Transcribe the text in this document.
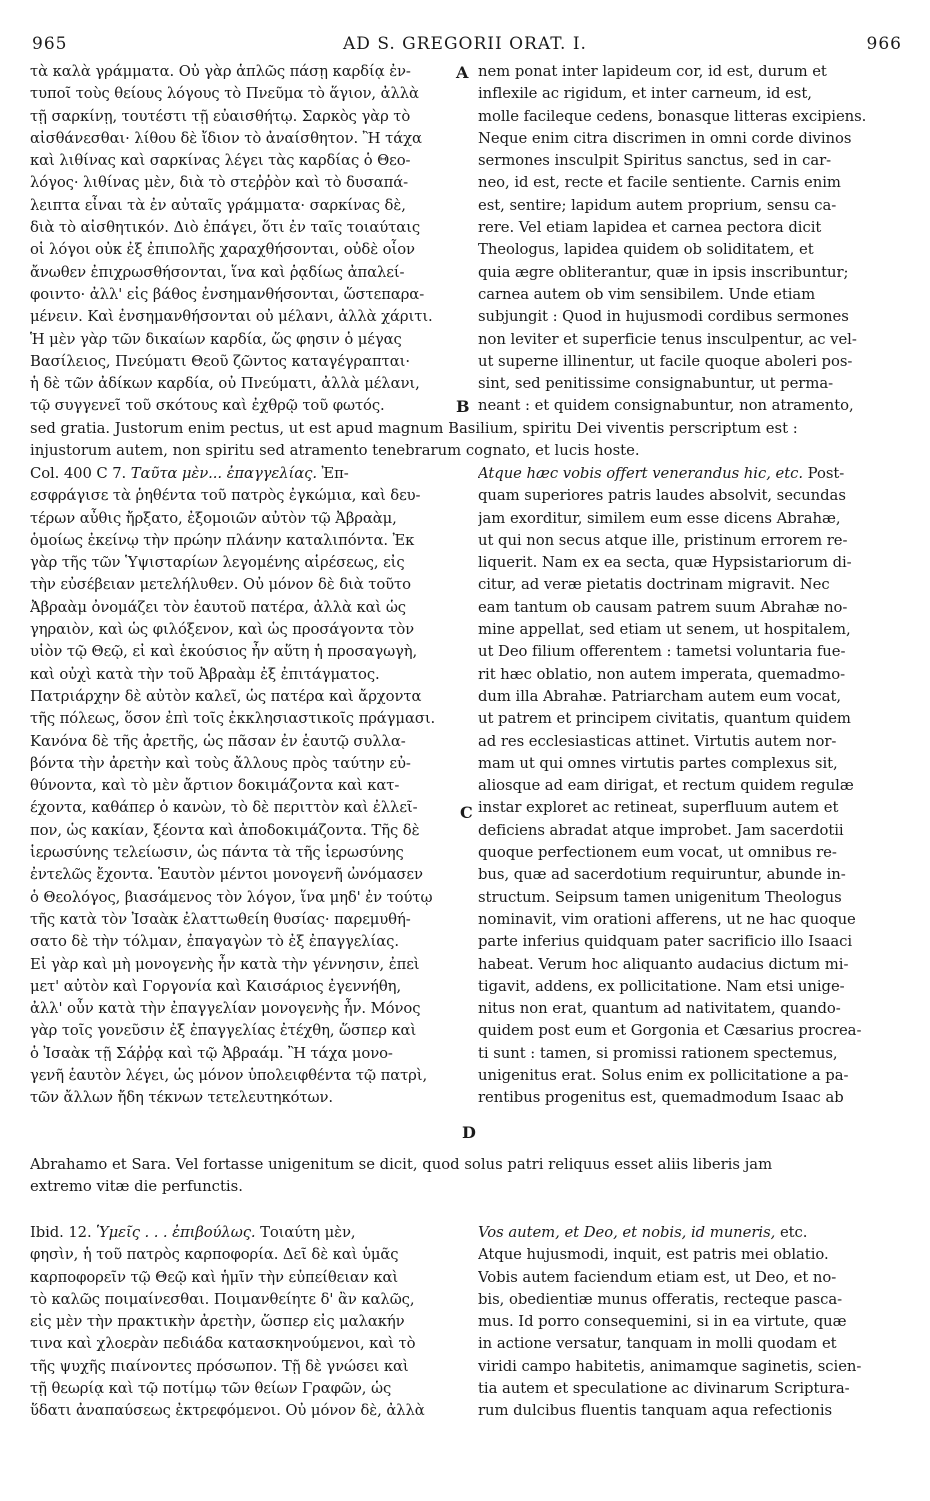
965	AD S. GREGORII ORAT. I.	966
τὰ καλὰ γράμματα. Οὐ γὰρ ἁπλῶς πάσῃ καρδίᾳ ἐν-
τυποῖ τοὺς θείους λόγους τὸ Πνεῦμα τὸ ἅγιον, ἀλλὰ
τῇ σαρκίνῃ, τουτέστι τῇ εὐαισθήτῳ. Σαρκὸς γὰρ τὸ
αἰσθάνεσθαι· λίθου δὲ ἴδιον τὸ ἀναίσθητον. Ἢ τάχα
καὶ λιθίνας καὶ σαρκίνας λέγει τὰς καρδίας ὁ Θεο-
λόγος· λιθίνας μὲν, διὰ τὸ στεῤῥὸν καὶ τὸ δυσαπά-
λειπτα εἶναι τὰ ἐν αὐταῖς γράμματα· σαρκίνας δὲ,
διὰ τὸ αἰσθητικόν. Διὸ ἐπάγει, ὅτι ἐν ταῖς τοιαύταις
οἱ λόγοι οὐκ ἐξ ἐπιπολῆς χαραχθήσονται, οὐδὲ οἷον
ἄνωθεν ἐπιχρωσθήσονται, ἵνα καὶ ῥᾳδίως ἀπαλεί-
φοιντο· ἀλλ' εἰς βάθος ἐνσημανθήσονται, ὥστεπαρα-
μένειν. Καὶ ἐνσημανθήσονται οὐ μέλανι, ἀλλὰ χάριτι.
Ἡ μὲν γὰρ τῶν δικαίων καρδία, ὥς φησιν ὁ μέγας
Βασίλειος, Πνεύματι Θεοῦ ζῶντος καταγέγραπται·
ἡ δὲ τῶν ἀδίκων καρδία, οὐ Πνεύματι, ἀλλὰ μέλανι,
τῷ συγγενεῖ τοῦ σκότους καὶ ἐχθρῷ τοῦ φωτός.
nem ponat inter lapideum cor, id est, durum et
inflexile ac rigidum, et inter carneum, id est,
molle facileque cedens, bonasque litteras excipiens.
Neque enim citra discrimen in omni corde divinos
sermones insculpit Spiritus sanctus, sed in car-
neo, id est, recte et facile sentiente. Carnis enim
est, sentire; lapidum autem proprium, sensu ca-
rere. Vel etiam lapidea et carnea pectora dicit
Theologus, lapidea quidem ob soliditatem, et
quia ægre obliterantur, quæ in ipsis inscribuntur;
carnea autem ob vim sensibilem. Unde etiam
subjungit : Quod in hujusmodi cordibus sermones
non leviter et superficie tenus insculpentur, ac vel-
ut superne illinentur, ut facile quoque aboleri pos-
sint, sed penitissime consignabuntur, ut perma-
neant : et quidem consignabuntur, non atramento,
sed gratia. Justorum enim pectus, ut est apud magnum Basilium, spiritu Dei viventis perscriptum est :
injustorum autem, non spiritu sed atramento tenebrarum cognato, et lucis hoste.
Col. 400 C 7. Ταῦτα μὲν... ἐπαγγελίας. Ἐπ-
εσφράγισε τὰ ῥηθέντα τοῦ πατρὸς ἐγκώμια, καὶ δευ-
τέρων αὖθις ἤρξατο, ἐξομοιῶν αὐτὸν τῷ Ἀβραὰμ,
ὁμοίως ἐκείνῳ τὴν πρώην πλάνην καταλιπόντα. Ἐκ
γὰρ τῆς τῶν Ὑψισταρίων λεγομένης αἱρέσεως, εἰς
τὴν εὐσέβειαν μετελήλυθεν. Οὐ μόνον δὲ διὰ τοῦτο
Ἀβραὰμ ὀνομάζει τὸν ἑαυτοῦ πατέρα, ἀλλὰ καὶ ὡς
γηραιὸν, καὶ ὡς φιλόξενον, καὶ ὡς προσάγοντα τὸν
υἱὸν τῷ Θεῷ, εἰ καὶ ἑκούσιος ἦν αὕτη ἡ προσαγωγὴ,
καὶ οὐχὶ κατὰ τὴν τοῦ Ἀβραὰμ ἐξ ἐπιτάγματος.
Πατριάρχην δὲ αὐτὸν καλεῖ, ὡς πατέρα καὶ ἄρχοντα
τῆς πόλεως, ὅσον ἐπὶ τοῖς ἐκκλησιαστικοῖς πράγμασι.
Κανόνα δὲ τῆς ἀρετῆς, ὡς πᾶσαν ἐν ἑαυτῷ συλλα-
βόντα τὴν ἀρετὴν καὶ τοὺς ἄλλους πρὸς ταύτην εὐ-
θύνοντα, καὶ τὸ μὲν ἄρτιον δοκιμάζοντα καὶ κατ-
έχοντα, καθάπερ ὁ κανὼν, τὸ δὲ περιττὸν καὶ ἐλλεῖ-
πον, ὡς κακίαν, ξέοντα καὶ ἀποδοκιμάζοντα. Τῆς δὲ
ἱερωσύνης τελείωσιν, ὡς πάντα τὰ τῆς ἱερωσύνης
ἐντελῶς ἔχοντα. Ἑαυτὸν μέντοι μονογενῆ ὠνόμασεν
ὁ Θεολόγος, βιασάμενος τὸν λόγον, ἵνα μηδ' ἐν τούτῳ
τῆς κατὰ τὸν Ἰσαὰκ ἐλαττωθείη θυσίας· παρεμυθή-
σατο δὲ τὴν τόλμαν, ἐπαγαγὼν τὸ ἐξ ἐπαγγελίας.
Εἰ γὰρ καὶ μὴ μονογενὴς ἦν κατὰ τὴν γέννησιν, ἐπεὶ
μετ' αὐτὸν καὶ Γοργονία καὶ Καισάριος ἐγεννήθη,
ἀλλ' οὖν κατὰ τὴν ἐπαγγελίαν μονογενὴς ἦν. Μόνος
γὰρ τοῖς γονεῦσιν ἐξ ἐπαγγελίας ἐτέχθη, ὥσπερ καὶ
ὁ Ἰσαὰκ τῇ Σάῤῥᾳ καὶ τῷ Ἀβραάμ. Ἢ τάχα μονο-
γενῆ ἑαυτὸν λέγει, ὡς μόνον ὑπολειφθέντα τῷ πατρὶ,
τῶν ἄλλων ἤδη τέκνων τετελευτηκότων.
Atque hæc vobis offert venerandus hic, etc. Post-
quam superiores patris laudes absolvit, secundas
jam exorditur, similem eum esse dicens Abrahæ,
ut qui non secus atque ille, pristinum errorem re-
liquerit. Nam ex ea secta, quæ Hypsistariorum di-
citur, ad veræ pietatis doctrinam migravit. Nec
eam tantum ob causam patrem suum Abrahæ no-
mine appellat, sed etiam ut senem, ut hospitalem,
ut Deo filium offerentem : tametsi voluntaria fue-
rit hæc oblatio, non autem imperata, quemadmo-
dum illa Abrahæ. Patriarcham autem eum vocat,
ut patrem et principem civitatis, quantum quidem
ad res ecclesiasticas attinet. Virtutis autem nor-
mam ut qui omnes virtutis partes complexus sit,
aliosque ad eam dirigat, et rectum quidem regulæ
instar exploret ac retineat, superfluum autem et
deficiens abradat atque improbet. Jam sacerdotii
quoque perfectionem eum vocat, ut omnibus re-
bus, quæ ad sacerdotium requiruntur, abunde in-
structum. Seipsum tamen unigenitum Theologus
nominavit, vim orationi afferens, ut ne hac quoque
parte inferius quidquam pater sacrificio illo Isaaci
habeat. Verum hoc aliquanto audacius dictum mi-
tigavit, addens, ex pollicitatione. Nam etsi unige-
nitus non erat, quantum ad nativitatem, quando-
quidem post eum et Gorgonia et Cæsarius procrea-
ti sunt : tamen, si promissi rationem spectemus,
unigenitus erat. Solus enim ex pollicitatione a pa-
rentibus progenitus est, quemadmodum Isaac ab
Abrahamo et Sara. Vel fortasse unigenitum se dicit, quod solus patri reliquus esset aliis liberis jam
extremo vitæ die perfunctis.
Ibid. 12. Ὑμεῖς . . . ἐπιβούλως. Τοιαύτη μὲν,
φησὶν, ἡ τοῦ πατρὸς καρποφορία. Δεῖ δὲ καὶ ὑμᾶς
καρποφορεῖν τῷ Θεῷ καὶ ἡμῖν τὴν εὐπείθειαν καὶ
τὸ καλῶς ποιμαίνεσθαι. Ποιμανθείητε δ' ἂν καλῶς,
εἰς μὲν τὴν πρακτικὴν ἀρετὴν, ὥσπερ εἰς μαλακήν
τινα καὶ χλοερὰν πεδιάδα κατασκηνούμενοι, καὶ τὸ
τῆς ψυχῆς πιαίνοντες πρόσωπον. Τῇ δὲ γνώσει καὶ
τῇ θεωρίᾳ καὶ τῷ ποτίμῳ τῶν θείων Γραφῶν, ὡς
ὕδατι ἀναπαύσεως ἐκτρεφόμενοι. Οὐ μόνον δὲ, ἀλλὰ
Vos autem, et Deo, et nobis, id muneris, etc.
Atque hujusmodi, inquit, est patris mei oblatio.
Vobis autem faciendum etiam est, ut Deo, et no-
bis, obedientiæ munus offeratis, recteque pasca-
mus. Id porro consequemini, si in ea virtute, quæ
in actione versatur, tanquam in molli quodam et
viridi campo habitetis, animamque saginetis, scien-
tia autem et speculatione ac divinarum Scriptura-
rum dulcibus fluentis tanquam aqua refectionis
A
B
C
D
